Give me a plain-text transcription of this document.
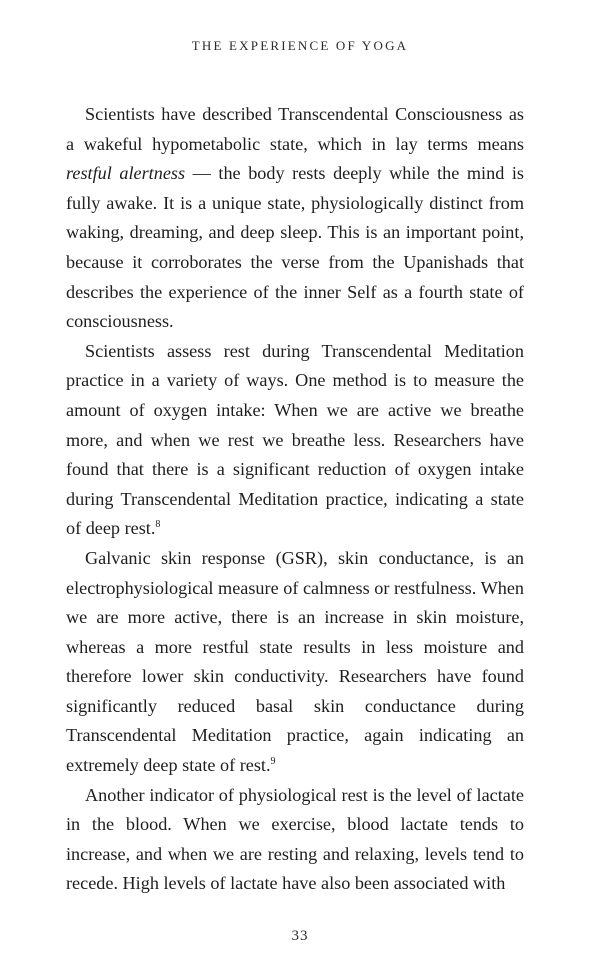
THE EXPERIENCE OF YOGA

Scientists have described Transcendental Consciousness as a wakeful hypometabolic state, which in lay terms means restful alertness — the body rests deeply while the mind is fully awake. It is a unique state, physiologically distinct from waking, dreaming, and deep sleep. This is an important point, because it corroborates the verse from the Upanishads that describes the experience of the inner Self as a fourth state of consciousness.

Scientists assess rest during Transcendental Meditation practice in a variety of ways. One method is to measure the amount of oxygen intake: When we are active we breathe more, and when we rest we breathe less. Researchers have found that there is a significant reduction of oxygen intake during Transcendental Meditation practice, indicating a state of deep rest.$^8$

Galvanic skin response (GSR), skin conductance, is an electrophysiological measure of calmness or restfulness. When we are more active, there is an increase in skin moisture, whereas a more restful state results in less moisture and therefore lower skin conductivity. Researchers have found significantly reduced basal skin conductance during Transcendental Meditation practice, again indicating an extremely deep state of rest.$^9$

Another indicator of physiological rest is the level of lactate in the blood. When we exercise, blood lactate tends to increase, and when we are resting and relaxing, levels tend to recede. High levels of lactate have also been associated with

33
